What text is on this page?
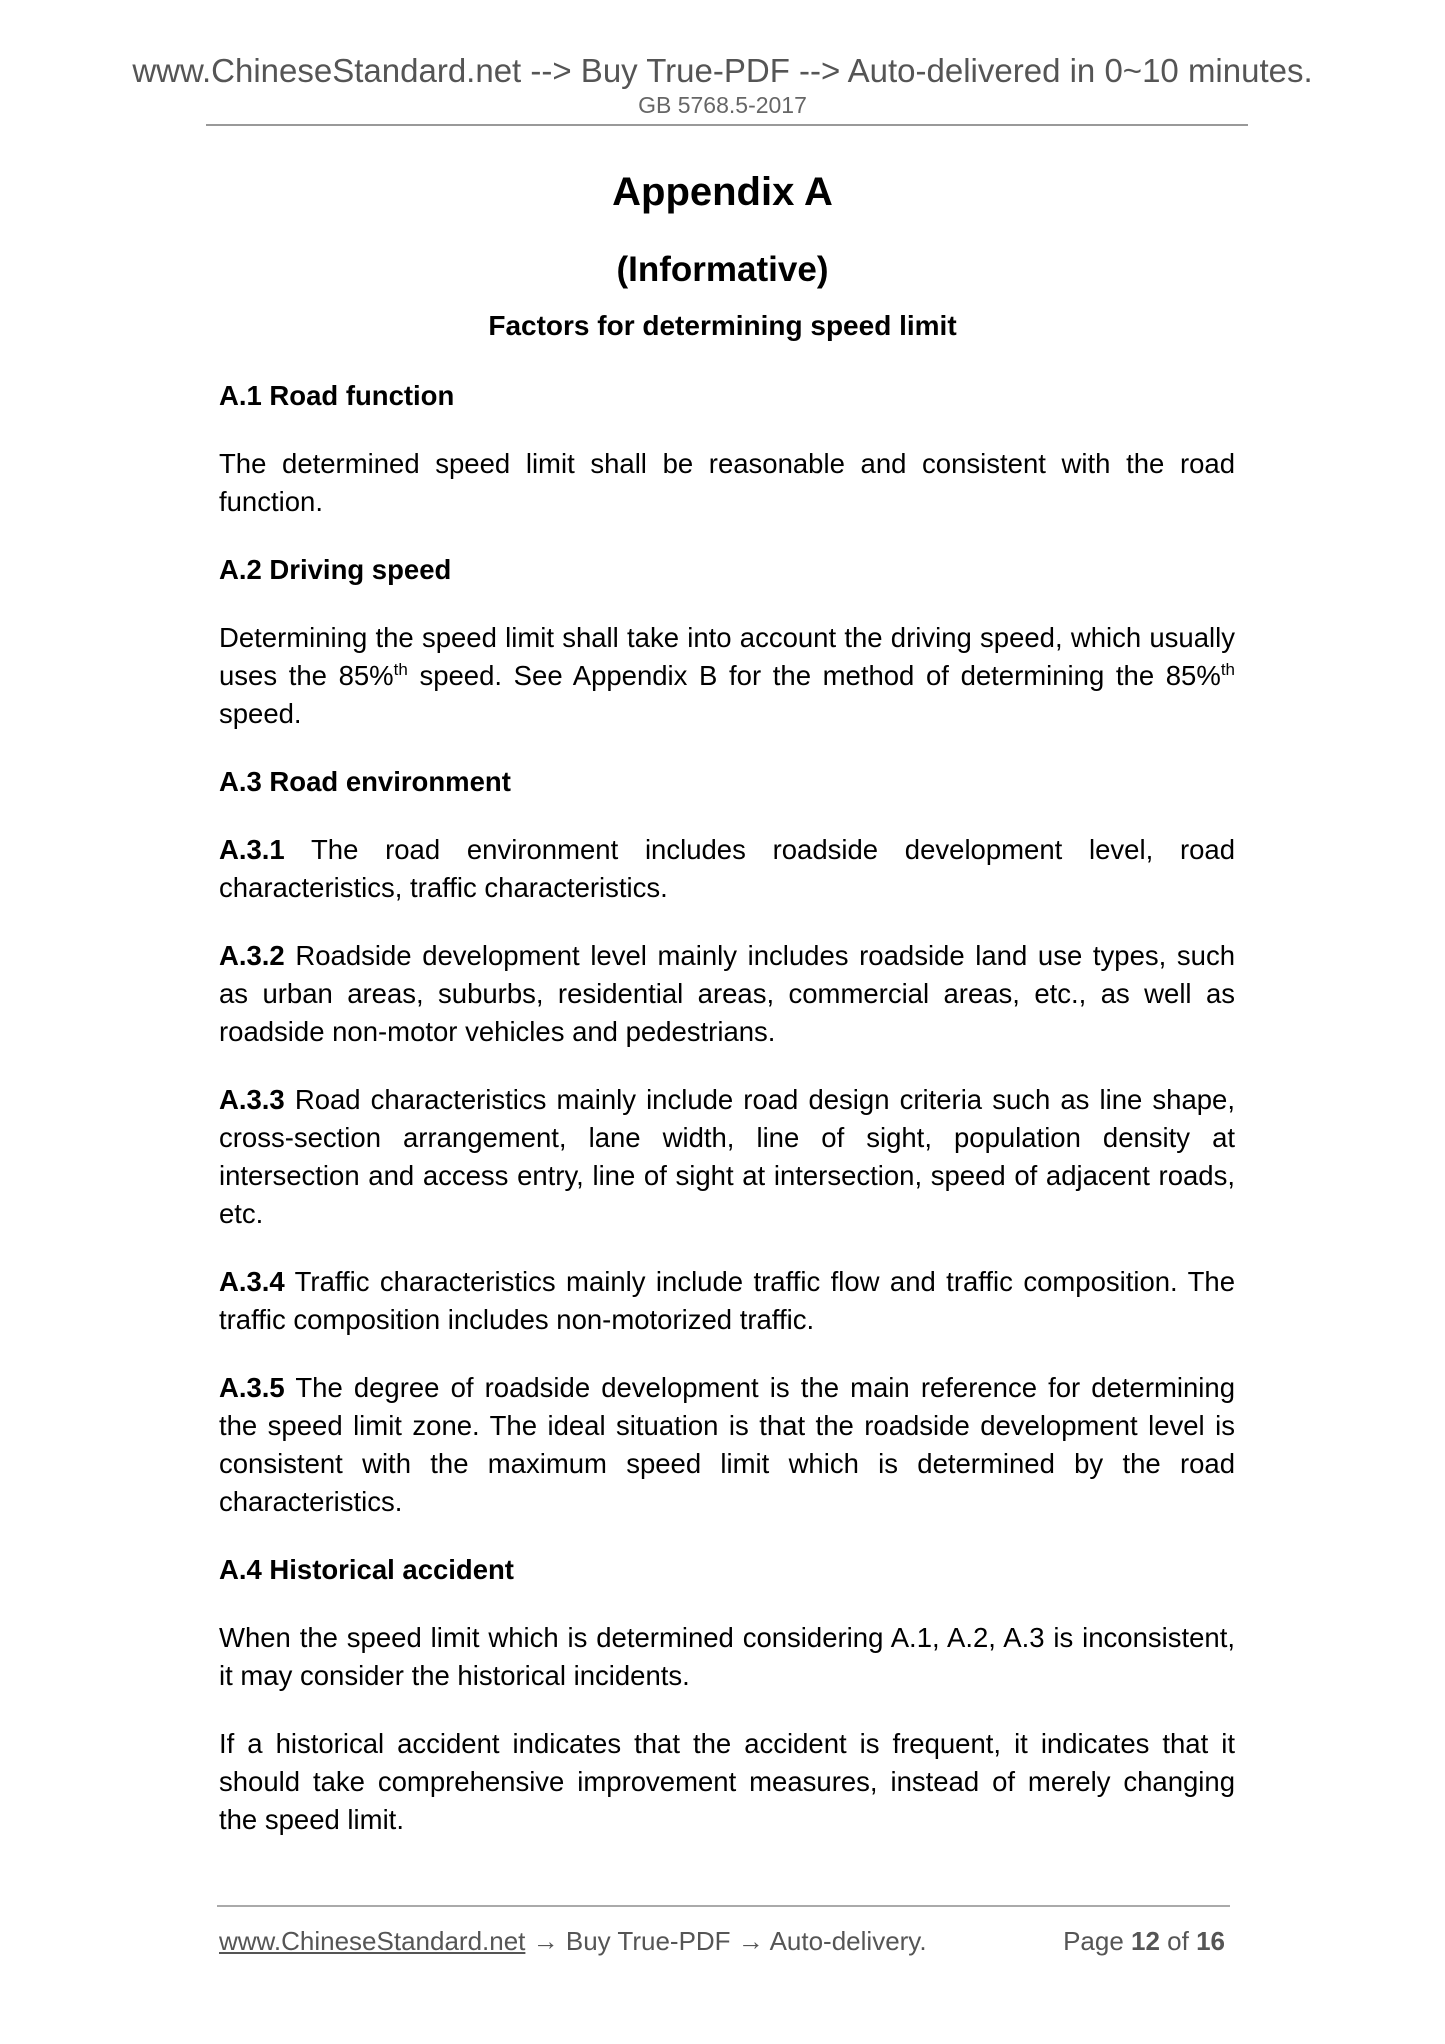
www.ChineseStandard.net --> Buy True-PDF --> Auto-delivered in 0~10 minutes.
GB 5768.5-2017
Appendix A
(Informative)
Factors for determining speed limit
A.1 Road function

The determined speed limit shall be reasonable and consistent with the road function.

A.2 Driving speed

Determining the speed limit shall take into account the driving speed, which usually uses the 85%$^{th}$ speed. See Appendix B for the method of determining the 85%$^{th}$ speed.

A.3 Road environment

A.3.1 The road environment includes roadside development level, road characteristics, traffic characteristics.

A.3.2 Roadside development level mainly includes roadside land use types, such as urban areas, suburbs, residential areas, commercial areas, etc., as well as roadside non-motor vehicles and pedestrians.

A.3.3 Road characteristics mainly include road design criteria such as line shape, cross-section arrangement, lane width, line of sight, population density at intersection and access entry, line of sight at intersection, speed of adjacent roads, etc.

A.3.4 Traffic characteristics mainly include traffic flow and traffic composition. The traffic composition includes non-motorized traffic.

A.3.5 The degree of roadside development is the main reference for determining the speed limit zone. The ideal situation is that the roadside development level is consistent with the maximum speed limit which is determined by the road characteristics.

A.4 Historical accident

When the speed limit which is determined considering A.1, A.2, A.3 is inconsistent, it may consider the historical incidents.

If a historical accident indicates that the accident is frequent, it indicates that it should take comprehensive improvement measures, instead of merely changing the speed limit.

www.ChineseStandard.net → Buy True-PDF → Auto-delivery.	Page 12 of 16
